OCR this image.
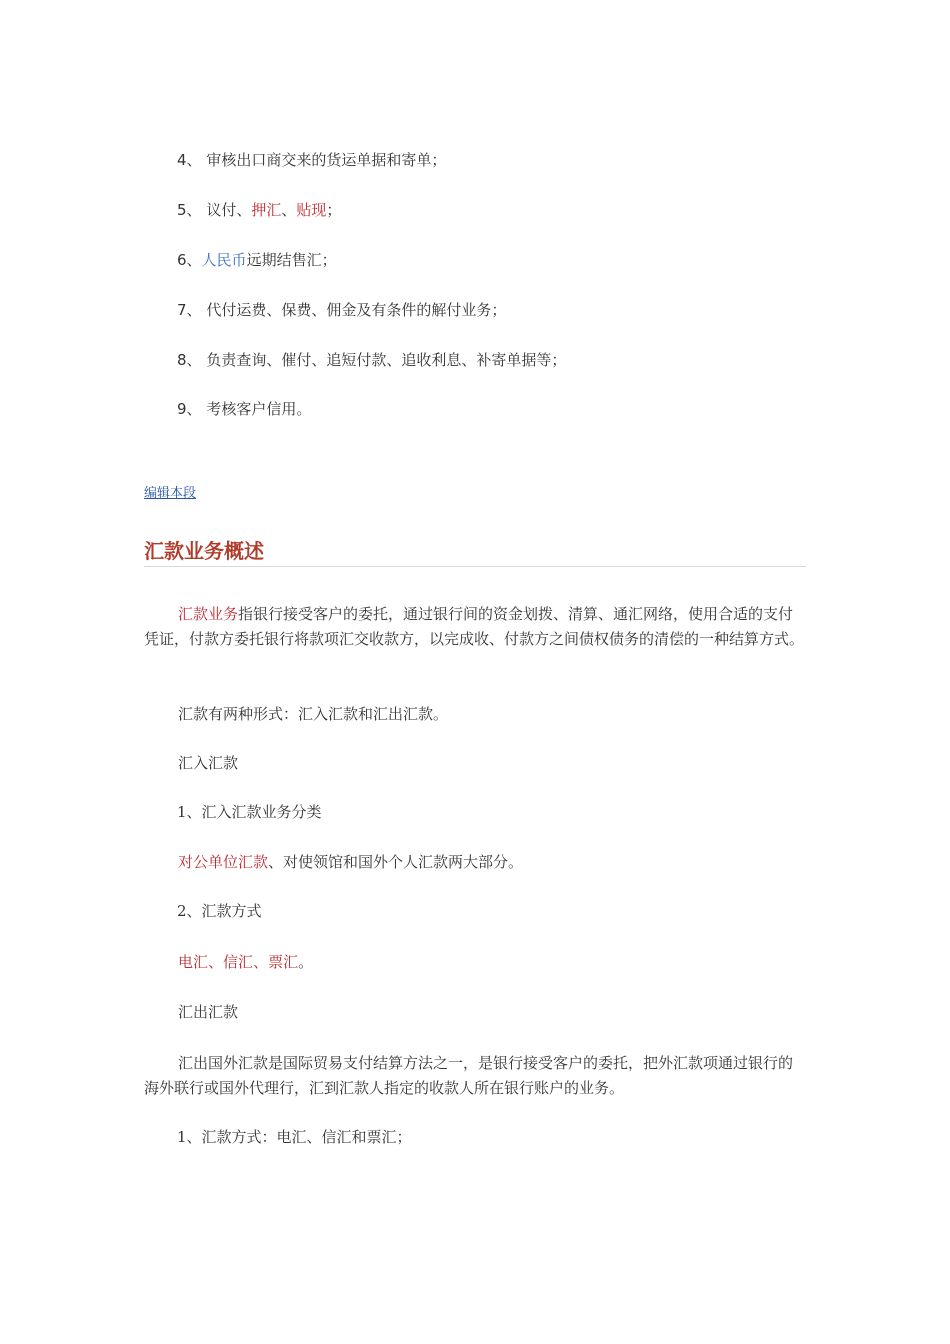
4、 审核出口商交来的货运单据和寄单；
5、 议付、押汇、贴现；
6、人民币远期结售汇；
7、 代付运费、保费、佣金及有条件的解付业务；
8、 负责查询、催付、追短付款、追收利息、补寄单据等；
9、 考核客户信用。
编辑本段
汇款业务概述
汇款业务指银行接受客户的委托，通过银行间的资金划拨、清算、通汇网络，使用合适的支付凭证，付款方委托银行将款项汇交收款方，以完成收、付款方之间债权债务的清偿的一种结算方式。
汇款有两种形式：汇入汇款和汇出汇款。
汇入汇款
1、汇入汇款业务分类
对公单位汇款、对使领馆和国外个人汇款两大部分。
2、汇款方式
电汇、信汇、票汇。
汇出汇款
汇出国外汇款是国际贸易支付结算方法之一，是银行接受客户的委托，把外汇款项通过银行的海外联行或国外代理行，汇到汇款人指定的收款人所在银行账户的业务。
1、汇款方式：电汇、信汇和票汇；
